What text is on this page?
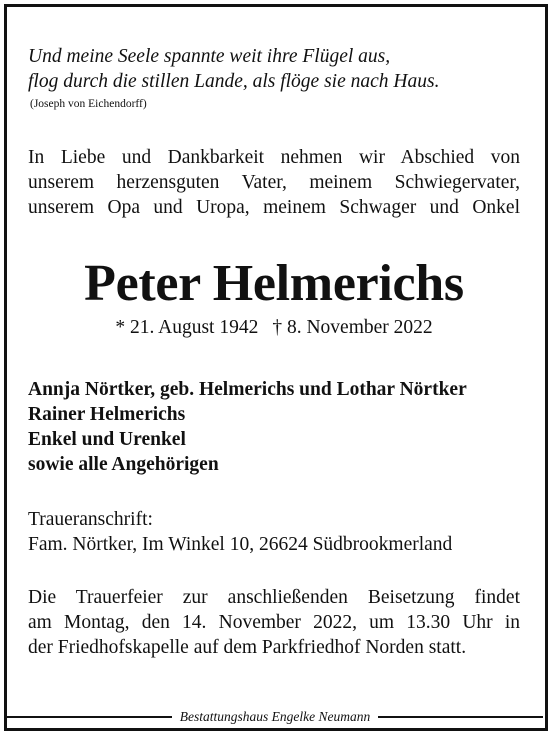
Und meine Seele spannte weit ihre Flügel aus,
flog durch die stillen Lande, als flöge sie nach Haus.
(Joseph von Eichendorff)
In Liebe und Dankbarkeit nehmen wir Abschied von
unserem herzensguten Vater, meinem Schwiegervater,
unserem Opa und Uropa, meinem Schwager und Onkel
Peter Helmerichs
* 21. August 1942 † 8. November 2022
Annja Nörtker, geb. Helmerichs und Lothar Nörtker
Rainer Helmerichs
Enkel und Urenkel
sowie alle Angehörigen
Traueranschrift:
Fam. Nörtker, Im Winkel 10, 26624 Südbrookmerland
Die Trauerfeier zur anschließenden Beisetzung findet
am Montag, den 14. November 2022, um 13.30 Uhr in
der Friedhofskapelle auf dem Parkfriedhof Norden statt.
Bestattungshaus Engelke Neumann
